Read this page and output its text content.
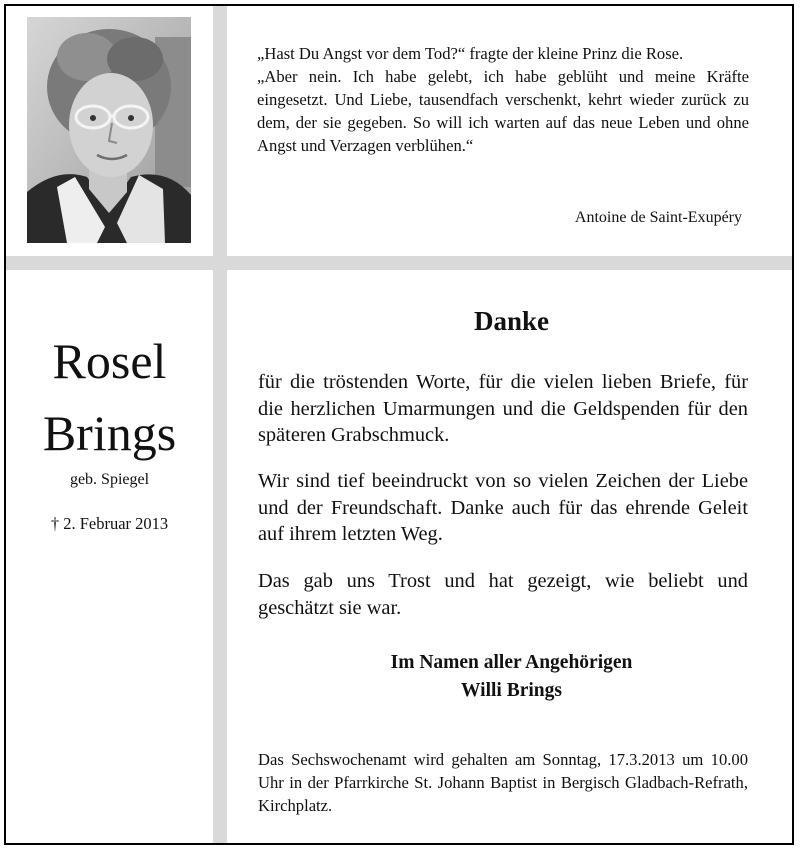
„Hast Du Angst vor dem Tod?“ fragte der kleine Prinz die Rose.

„Aber nein. Ich habe gelebt, ich habe geblüht und meine Kräfte eingesetzt. Und Liebe, tausendfach verschenkt, kehrt wieder zurück zu dem, der sie gegeben. So will ich warten auf das neue Leben und ohne Angst und Verzagen verblühen.“

Antoine de Saint-Exupéry
Rosel
Brings
geb. Spiegel
† 2. Februar 2013
Danke

für die tröstenden Worte, für die vielen lieben Briefe, für die herzlichen Umarmungen und die Geldspenden für den späteren Grabschmuck.

Wir sind tief beeindruckt von so vielen Zeichen der Liebe und der Freundschaft. Danke auch für das ehrende Geleit auf ihrem letzten Weg.

Das gab uns Trost und hat gezeigt, wie beliebt und geschätzt sie war.

Im Namen aller Angehörigen
Willi Brings

Das Sechswochenamt wird gehalten am Sonntag, 17.3.2013 um 10.00 Uhr in der Pfarrkirche St. Johann Baptist in Bergisch Gladbach-Refrath, Kirchplatz.
